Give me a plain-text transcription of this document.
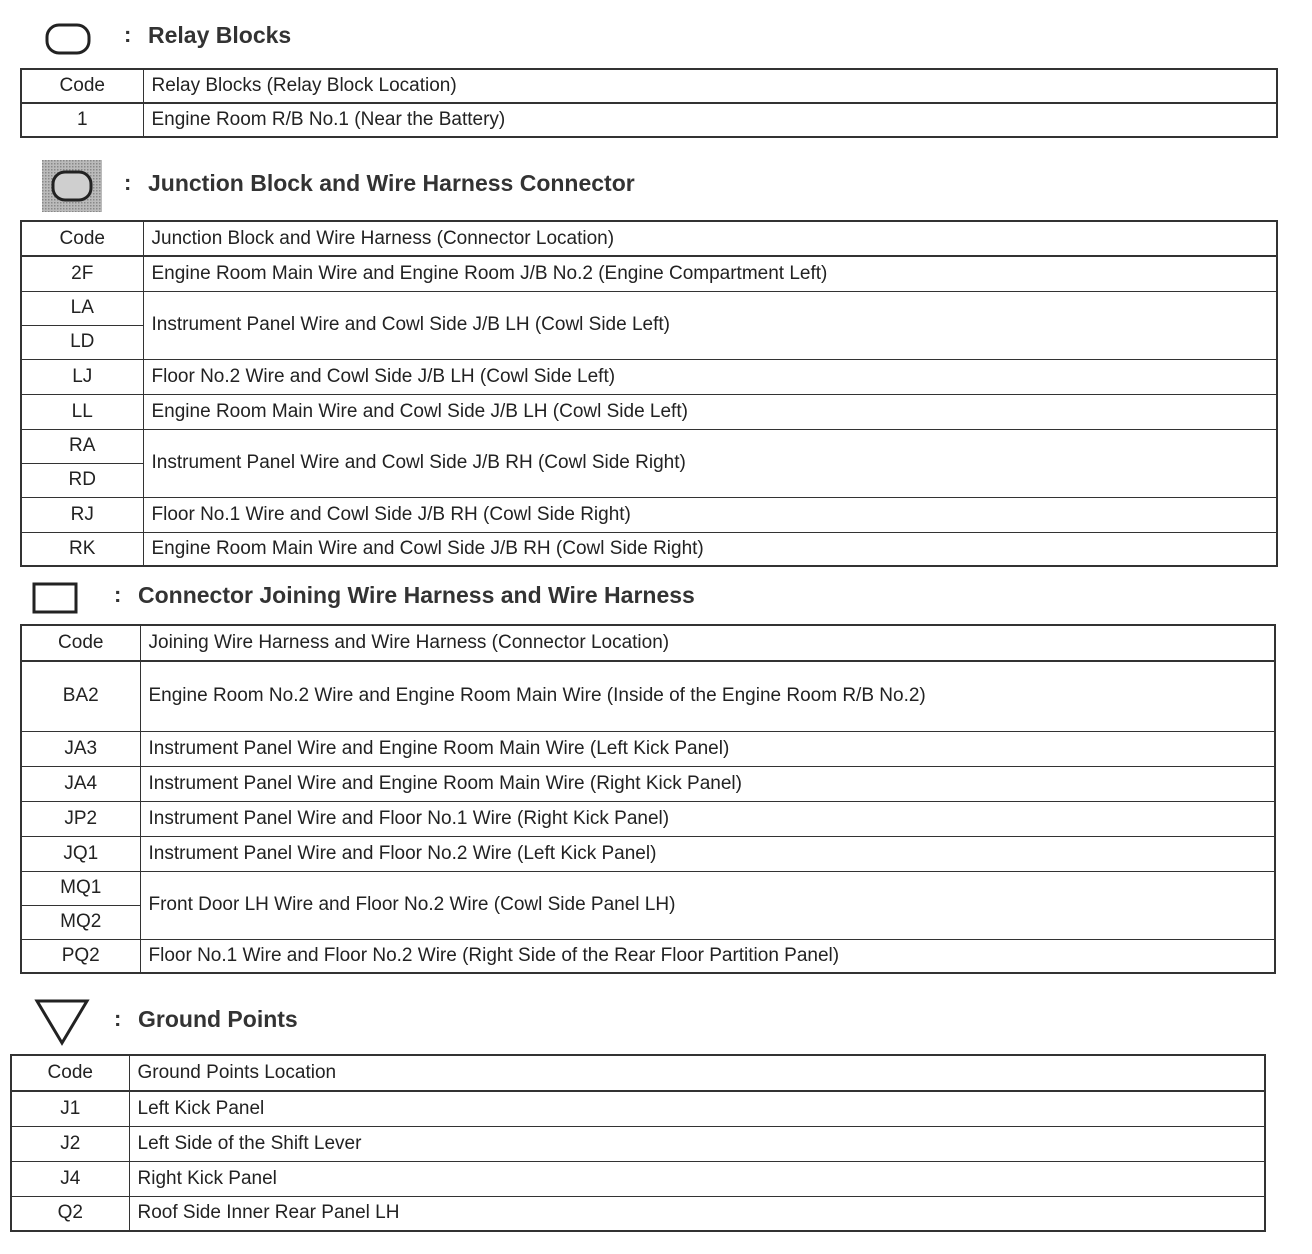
: Relay Blocks
Code	Relay Blocks (Relay Block Location)
1	Engine Room R/B No.1 (Near the Battery)
: Junction Block and Wire Harness Connector
Code	Junction Block and Wire Harness (Connector Location)
2F	Engine Room Main Wire and Engine Room J/B No.2 (Engine Compartment Left)
LA	Instrument Panel Wire and Cowl Side J/B LH (Cowl Side Left)
LD	
LJ	Floor No.2 Wire and Cowl Side J/B LH (Cowl Side Left)
LL	Engine Room Main Wire and Cowl Side J/B LH (Cowl Side Left)
RA	Instrument Panel Wire and Cowl Side J/B RH (Cowl Side Right)
RD	
RJ	Floor No.1 Wire and Cowl Side J/B RH (Cowl Side Right)
RK	Engine Room Main Wire and Cowl Side J/B RH (Cowl Side Right)
: Connector Joining Wire Harness and Wire Harness
Code	Joining Wire Harness and Wire Harness (Connector Location)
BA2	Engine Room No.2 Wire and Engine Room Main Wire (Inside of the Engine Room R/B No.2)
JA3	Instrument Panel Wire and Engine Room Main Wire (Left Kick Panel)
JA4	Instrument Panel Wire and Engine Room Main Wire (Right Kick Panel)
JP2	Instrument Panel Wire and Floor No.1 Wire (Right Kick Panel)
JQ1	Instrument Panel Wire and Floor No.2 Wire (Left Kick Panel)
MQ1	Front Door LH Wire and Floor No.2 Wire (Cowl Side Panel LH)
MQ2	
PQ2	Floor No.1 Wire and Floor No.2 Wire (Right Side of the Rear Floor Partition Panel)
: Ground Points
Code	Ground Points Location
J1	Left Kick Panel
J2	Left Side of the Shift Lever
J4	Right Kick Panel
Q2	Roof Side Inner Rear Panel LH
